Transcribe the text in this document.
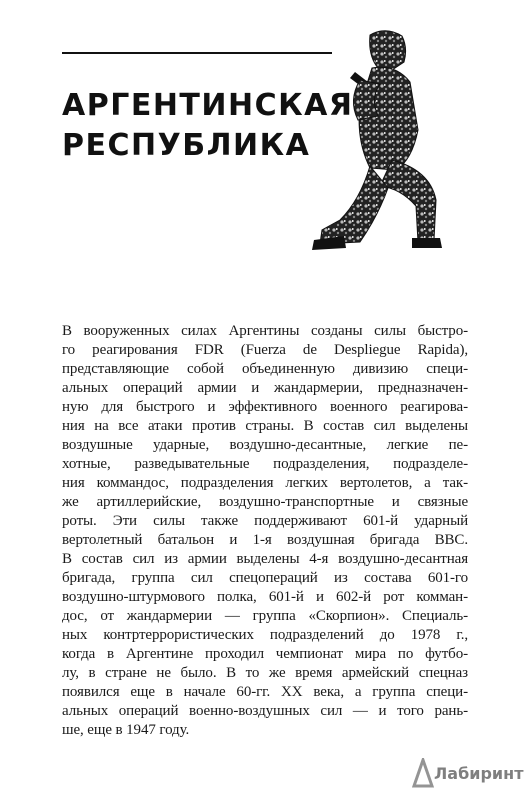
АРГЕНТИНСКАЯ
РЕСПУБЛИКА

В вооруженных силах Аргентины созданы силы быстро-

го реагирования FDR (Fuerza de Despliegue Rapida),

представляющие собой объединенную дивизию специ-

альных операций армии и жандармерии, предназначен-

ную для быстрого и эффективного военного реагирова-

ния на все атаки против страны. В состав сил выделены

воздушные ударные, воздушно-десантные, легкие пе-

хотные, разведывательные подразделения, подразделе-

ния коммандос, подразделения легких вертолетов, а так-

же артиллерийские, воздушно-транспортные и связные

роты. Эти силы также поддерживают 601-й ударный

вертолетный батальон и 1-я воздушная бригада ВВС.

В состав сил из армии выделены 4-я воздушно-десантная

бригада, группа сил спецопераций из состава 601-го

воздушно-штурмового полка, 601-й и 602-й рот комман-

дос, от жандармерии — группа «Скорпион». Специаль-

ных контртеррористических подразделений до 1978 г.,

когда в Аргентине проходил чемпионат мира по футбо-

лу, в стране не было. В то же время армейский спецназ

появился еще в начале 60-гг. XX века, а группа специ-

альных операций военно-воздушных сил — и того рань-

ше, еще в 1947 году.

Лабиринт
